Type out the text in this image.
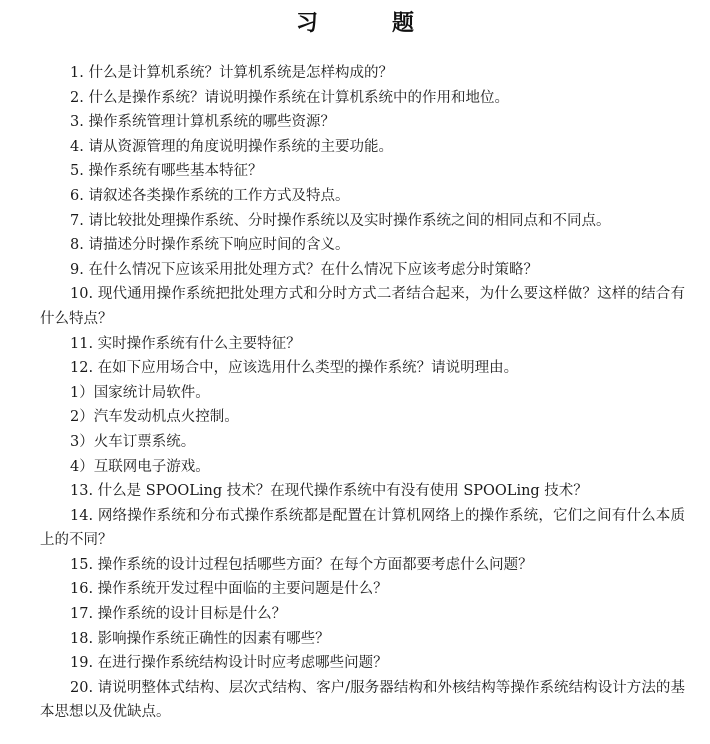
习　题

1. 什么是计算机系统？计算机系统是怎样构成的？

2. 什么是操作系统？请说明操作系统在计算机系统中的作用和地位。

3. 操作系统管理计算机系统的哪些资源？

4. 请从资源管理的角度说明操作系统的主要功能。

5. 操作系统有哪些基本特征？

6. 请叙述各类操作系统的工作方式及特点。

7. 请比较批处理操作系统、分时操作系统以及实时操作系统之间的相同点和不同点。

8. 请描述分时操作系统下响应时间的含义。

9. 在什么情况下应该采用批处理方式？在什么情况下应该考虑分时策略？

10. 现代通用操作系统把批处理方式和分时方式二者结合起来，为什么要这样做？这样的结合有什么特点？

11. 实时操作系统有什么主要特征？

12. 在如下应用场合中，应该选用什么类型的操作系统？请说明理由。

1）国家统计局软件。

2）汽车发动机点火控制。

3）火车订票系统。

4）互联网电子游戏。

13. 什么是 SPOOLing 技术？在现代操作系统中有没有使用 SPOOLing 技术？

14. 网络操作系统和分布式操作系统都是配置在计算机网络上的操作系统，它们之间有什么本质上的不同？

15. 操作系统的设计过程包括哪些方面？在每个方面都要考虑什么问题？

16. 操作系统开发过程中面临的主要问题是什么？

17. 操作系统的设计目标是什么？

18. 影响操作系统正确性的因素有哪些？

19. 在进行操作系统结构设计时应考虑哪些问题？

20. 请说明整体式结构、层次式结构、客户/服务器结构和外核结构等操作系统结构设计方法的基本思想以及优缺点。
